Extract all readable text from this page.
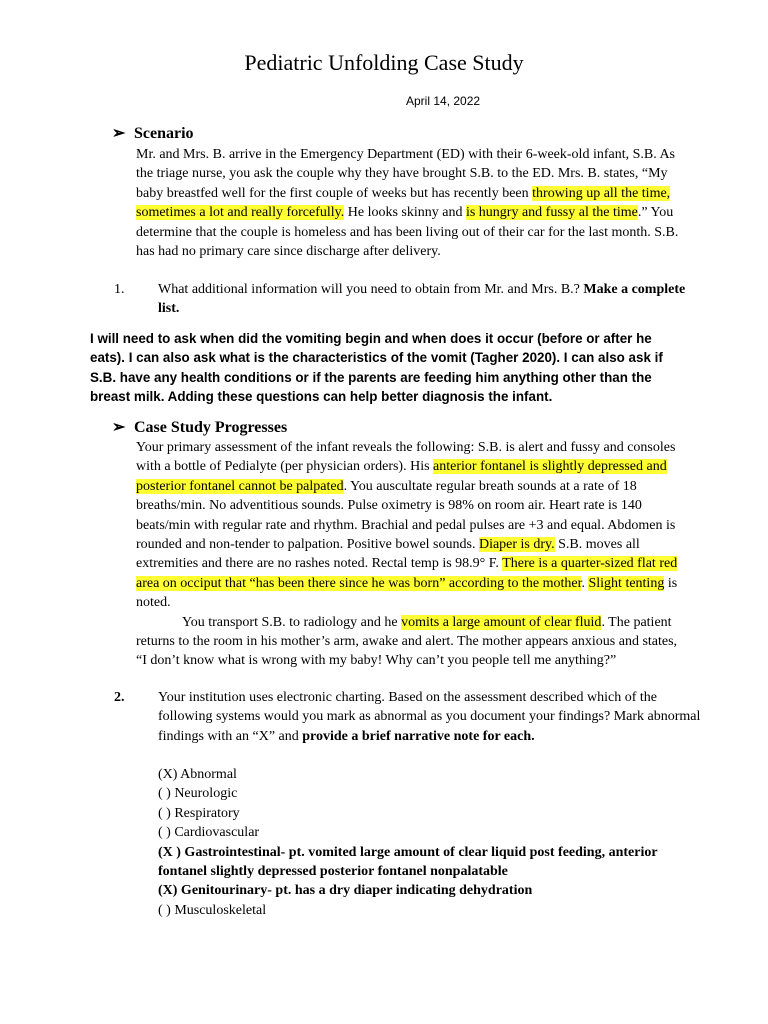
Pediatric Unfolding Case Study
April 14, 2022
➢ Scenario
Mr. and Mrs. B. arrive in the Emergency Department (ED) with their 6-week-old infant, S.B. As the triage nurse, you ask the couple why they have brought S.B. to the ED. Mrs. B. states, “My baby breastfed well for the first couple of weeks but has recently been throwing up all the time, sometimes a lot and really forcefully. He looks skinny and is hungry and fussy al the time.” You determine that the couple is homeless and has been living out of their car for the last month. S.B. has had no primary care since discharge after delivery.
1. What additional information will you need to obtain from Mr. and Mrs. B.? Make a complete list.
I will need to ask when did the vomiting begin and when does it occur (before or after he eats). I can also ask what is the characteristics of the vomit (Tagher 2020). I can also ask if S.B. have any health conditions or if the parents are feeding him anything other than the breast milk. Adding these questions can help better diagnosis the infant.
➢ Case Study Progresses
Your primary assessment of the infant reveals the following: S.B. is alert and fussy and consoles with a bottle of Pedialyte (per physician orders). His anterior fontanel is slightly depressed and posterior fontanel cannot be palpated. You auscultate regular breath sounds at a rate of 18 breaths/min. No adventitious sounds. Pulse oximetry is 98% on room air. Heart rate is 140 beats/min with regular rate and rhythm. Brachial and pedal pulses are +3 and equal. Abdomen is rounded and non-tender to palpation. Positive bowel sounds. Diaper is dry. S.B. moves all extremities and there are no rashes noted. Rectal temp is 98.9° F. There is a quarter-sized flat red area on occiput that “has been there since he was born” according to the mother. Slight tenting is noted.
You transport S.B. to radiology and he vomits a large amount of clear fluid. The patient returns to the room in his mother’s arm, awake and alert. The mother appears anxious and states, “I don’t know what is wrong with my baby! Why can’t you people tell me anything?”
2. Your institution uses electronic charting. Based on the assessment described which of the following systems would you mark as abnormal as you document your findings? Mark abnormal findings with an “X” and provide a brief narrative note for each.
(X) Abnormal
( ) Neurologic
( ) Respiratory
( ) Cardiovascular
(X ) Gastrointestinal- pt. vomited large amount of clear liquid post feeding, anterior fontanel slightly depressed posterior fontanel nonpalatable
(X) Genitourinary- pt. has a dry diaper indicating dehydration
( ) Musculoskeletal
